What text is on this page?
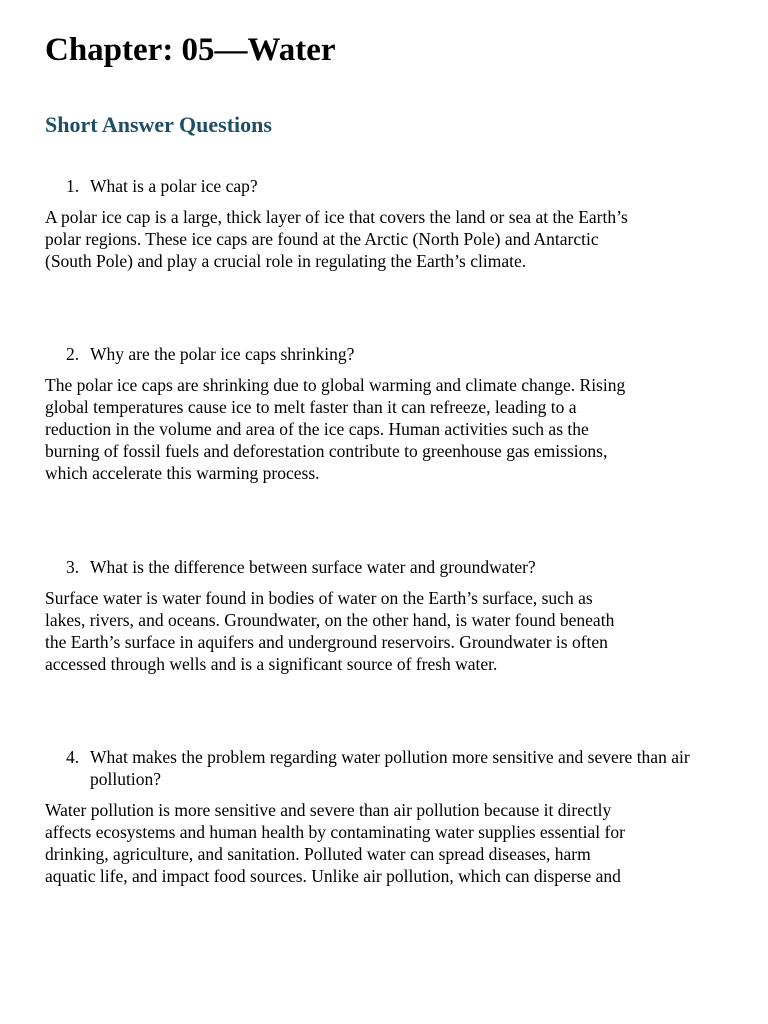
Chapter: 05—Water
Short Answer Questions
1. What is a polar ice cap?
A polar ice cap is a large, thick layer of ice that covers the land or sea at the Earth’s
polar regions. These ice caps are found at the Arctic (North Pole) and Antarctic
(South Pole) and play a crucial role in regulating the Earth’s climate.
2. Why are the polar ice caps shrinking?
The polar ice caps are shrinking due to global warming and climate change. Rising
global temperatures cause ice to melt faster than it can refreeze, leading to a
reduction in the volume and area of the ice caps. Human activities such as the
burning of fossil fuels and deforestation contribute to greenhouse gas emissions,
which accelerate this warming process.
3. What is the difference between surface water and groundwater?
Surface water is water found in bodies of water on the Earth’s surface, such as
lakes, rivers, and oceans. Groundwater, on the other hand, is water found beneath
the Earth’s surface in aquifers and underground reservoirs. Groundwater is often
accessed through wells and is a significant source of fresh water.
4. What makes the problem regarding water pollution more sensitive and severe than air pollution?
Water pollution is more sensitive and severe than air pollution because it directly
affects ecosystems and human health by contaminating water supplies essential for
drinking, agriculture, and sanitation. Polluted water can spread diseases, harm
aquatic life, and impact food sources. Unlike air pollution, which can disperse and
